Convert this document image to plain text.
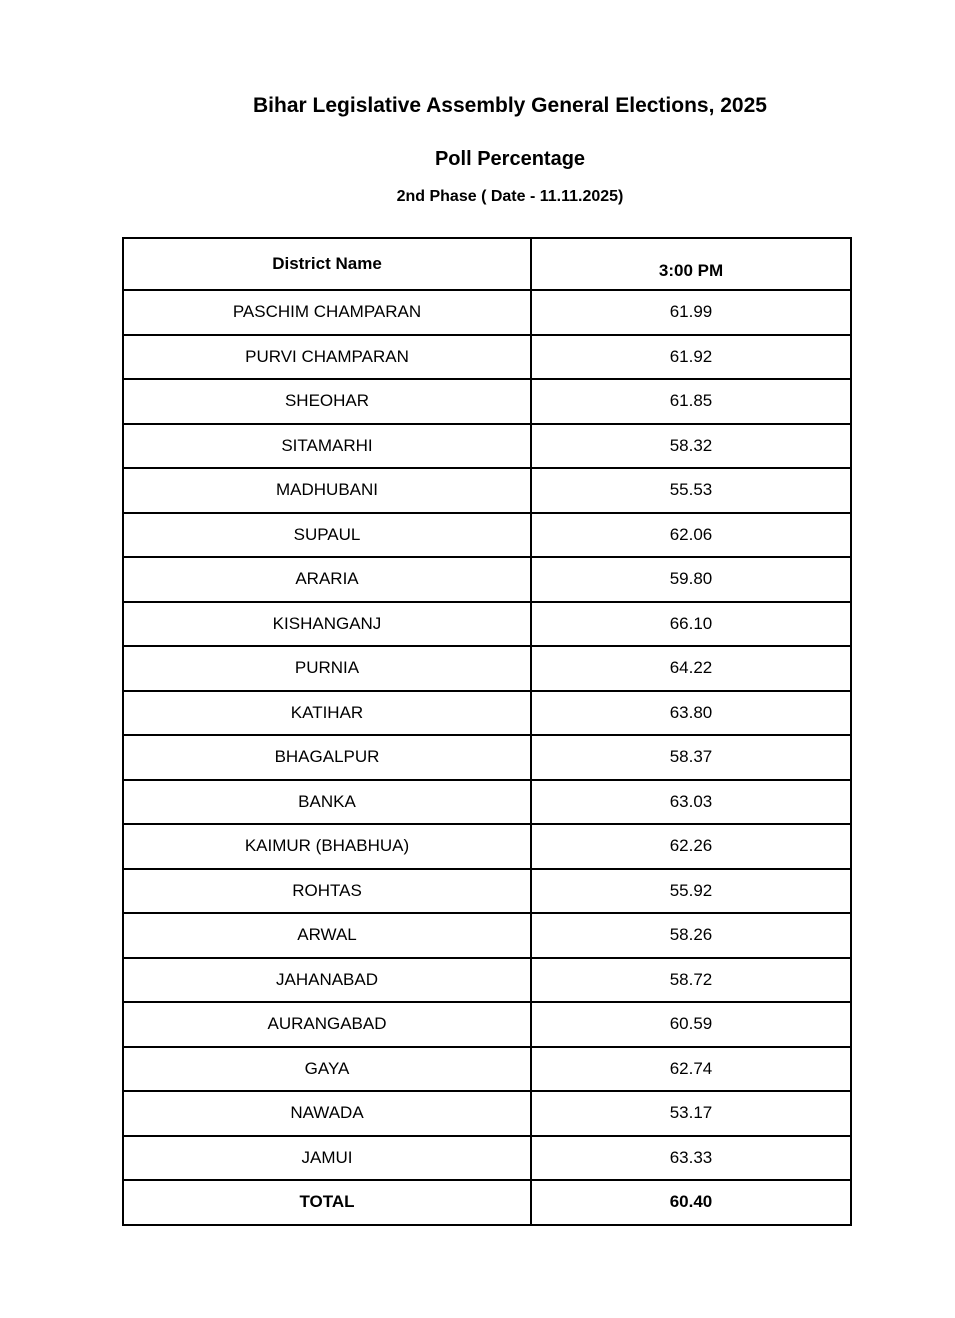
Bihar Legislative Assembly General Elections, 2025
Poll Percentage
2nd Phase ( Date - 11.11.2025)
District Name	3:00 PM
PASCHIM CHAMPARAN	61.99
PURVI CHAMPARAN	61.92
SHEOHAR	61.85
SITAMARHI	58.32
MADHUBANI	55.53
SUPAUL	62.06
ARARIA	59.80
KISHANGANJ	66.10
PURNIA	64.22
KATIHAR	63.80
BHAGALPUR	58.37
BANKA	63.03
KAIMUR (BHABHUA)	62.26
ROHTAS	55.92
ARWAL	58.26
JAHANABAD	58.72
AURANGABAD	60.59
GAYA	62.74
NAWADA	53.17
JAMUI	63.33
TOTAL	60.40
